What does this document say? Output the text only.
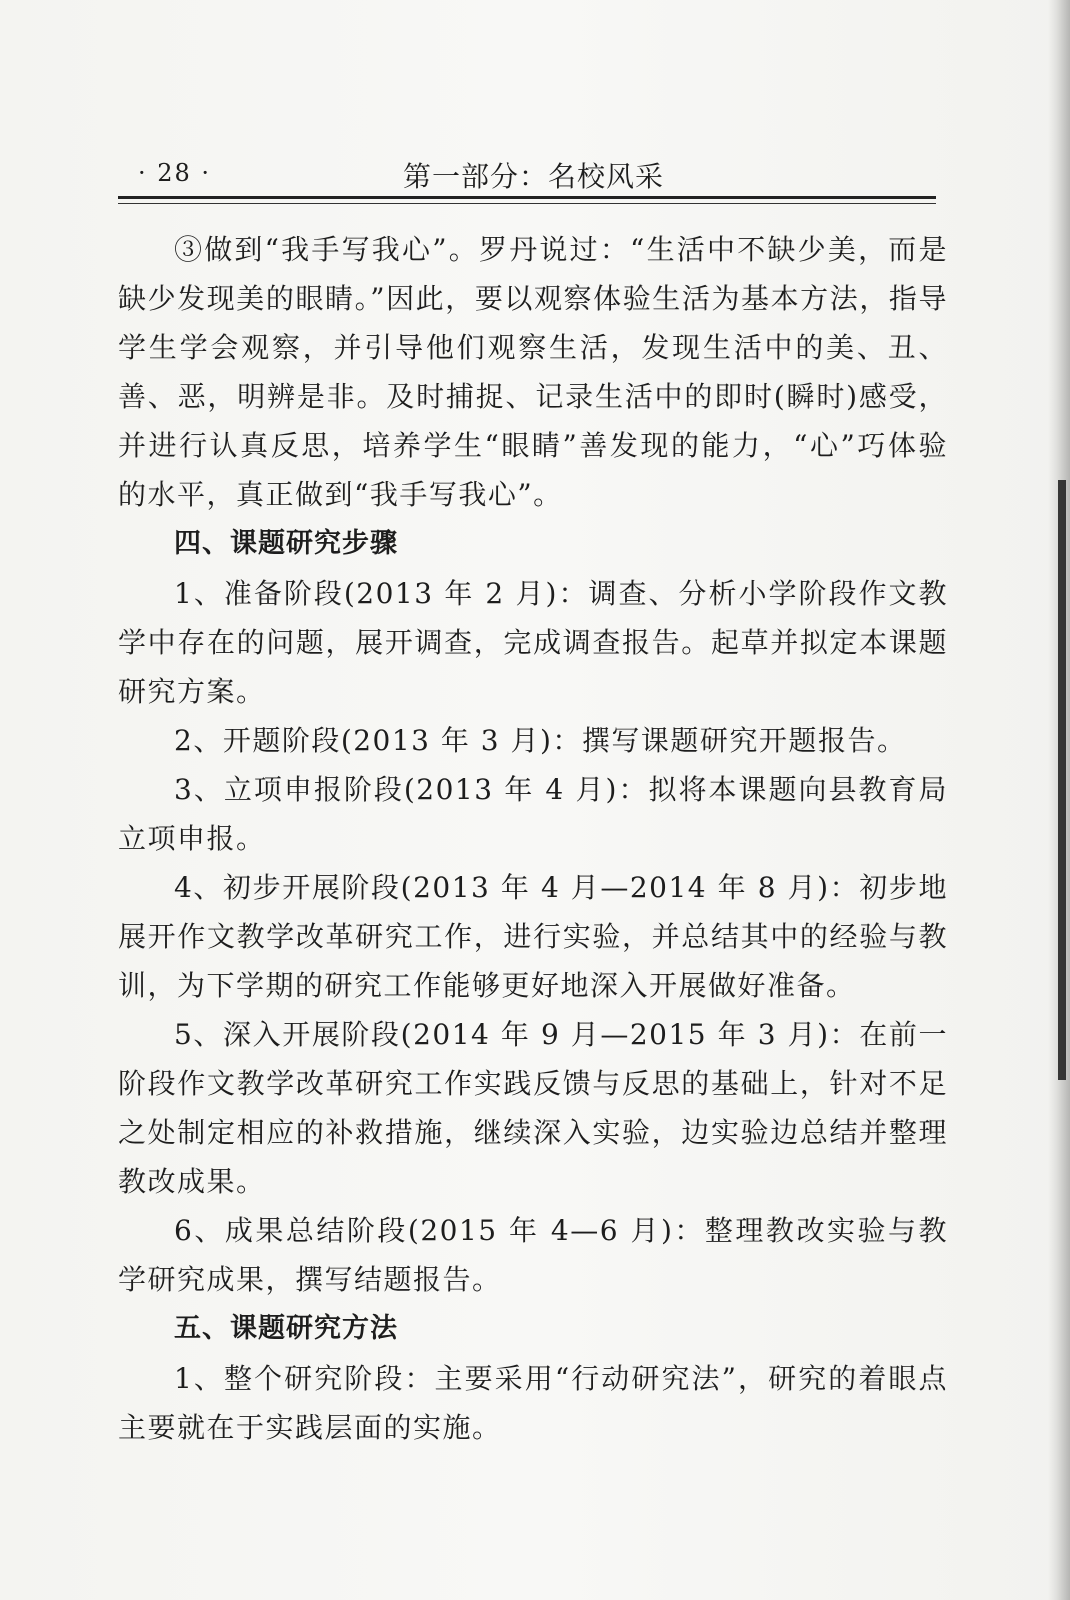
· 28 ·	第一部分：名校风采

③做到“我手写我心”。罗丹说过：“生活中不缺少美，而是缺少发现美的眼睛。”因此，要以观察体验生活为基本方法，指导学生学会观察，并引导他们观察生活，发现生活中的美、丑、善、恶，明辨是非。及时捕捉、记录生活中的即时(瞬时)感受，并进行认真反思，培养学生“眼睛”善发现的能力，“心”巧体验的水平，真正做到“我手写我心”。

四、课题研究步骤

1、准备阶段(2013 年 2 月)：调查、分析小学阶段作文教学中存在的问题，展开调查，完成调查报告。起草并拟定本课题研究方案。

2、开题阶段(2013 年 3 月)：撰写课题研究开题报告。

3、立项申报阶段(2013 年 4 月)：拟将本课题向县教育局立项申报。

4、初步开展阶段(2013 年 4 月—2014 年 8 月)：初步地展开作文教学改革研究工作，进行实验，并总结其中的经验与教训，为下学期的研究工作能够更好地深入开展做好准备。

5、深入开展阶段(2014 年 9 月—2015 年 3 月)：在前一阶段作文教学改革研究工作实践反馈与反思的基础上，针对不足之处制定相应的补救措施，继续深入实验，边实验边总结并整理教改成果。

6、成果总结阶段(2015 年 4—6 月)：整理教改实验与教学研究成果，撰写结题报告。

五、课题研究方法

1、整个研究阶段：主要采用“行动研究法”，研究的着眼点主要就在于实践层面的实施。
